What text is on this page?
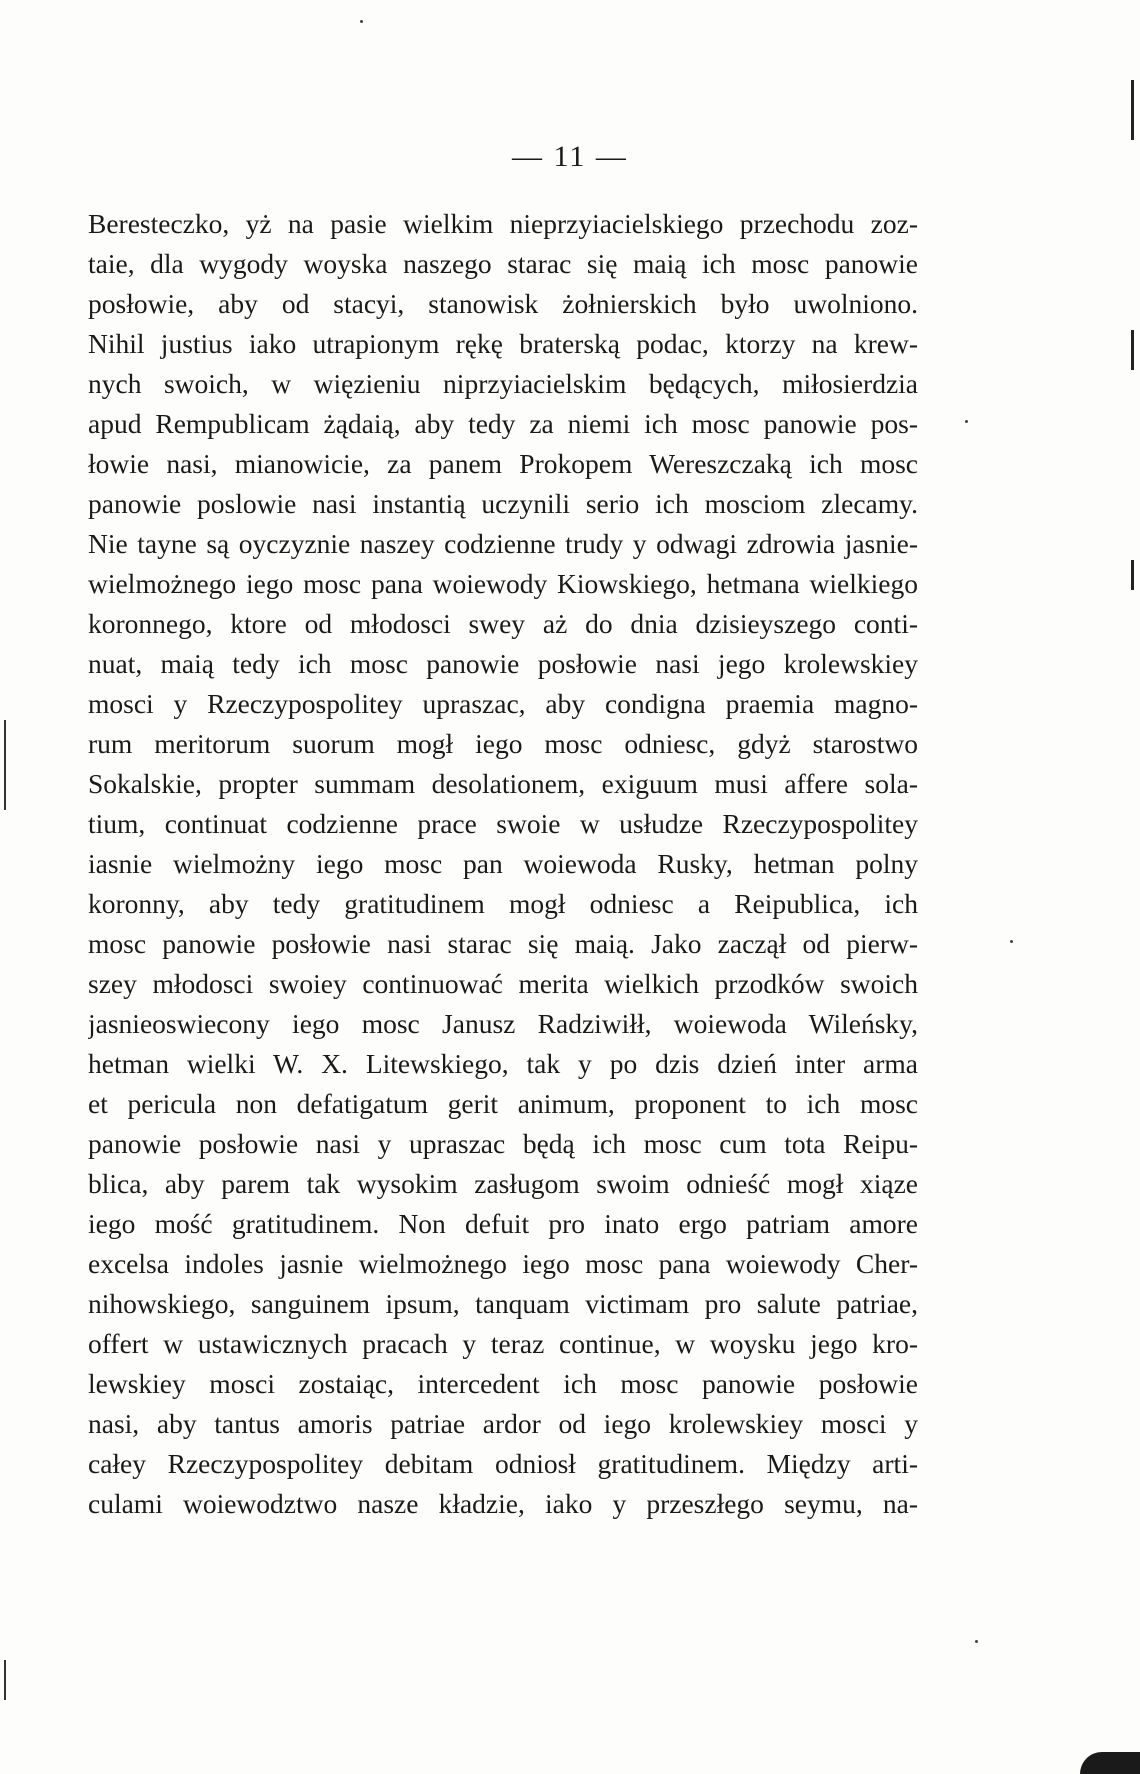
— 11 —
Beresteczko, yż na pasie wielkim nieprzyiacielskiego przechodu zoz-
taie, dla wygody woyska naszego starac się maią ich mosc panowie
posłowie, aby od stacyi, stanowisk żołnierskich było uwolniono.
Nihil justius iako utrapionym rękę braterską podac, ktorzy na krew-
nych swoich, w więzieniu niprzyiacielskim będących, miłosierdzia
apud Rempublicam żądaią, aby tedy za niemi ich mosc panowie pos-
łowie nasi, mianowicie, za panem Prokopem Wereszczaką ich mosc
panowie poslowie nasi instantią uczynili serio ich mosciom zlecamy.
Nie tayne są oyczyznie naszey codzienne trudy y odwagi zdrowia jasnie-
wielmożnego iego mosc pana woiewody Kiowskiego, hetmana wielkiego
koronnego, ktore od młodosci swey aż do dnia dzisieyszego conti-
nuat, maią tedy ich mosc panowie posłowie nasi jego krolewskiey
mosci y Rzeczypospolitey upraszac, aby condigna praemia magno-
rum meritorum suorum mogł iego mosc odniesc, gdyż starostwo
Sokalskie, propter summam desolationem, exiguum musi affere sola-
tium, continuat codzienne prace swoie w usłudze Rzeczypospolitey
iasnie wielmożny iego mosc pan woiewoda Rusky, hetman polny
koronny, aby tedy gratitudinem mogł odniesc a Reipublica, ich
mosc panowie posłowie nasi starac się maią. Jako zaczął od pierw-
szey młodosci swoiey continuować merita wielkich przodków swoich
jasnieoswiecony iego mosc Janusz Radziwiłł, woiewoda Wileńsky,
hetman wielki W. X. Litewskiego, tak y po dzis dzień inter arma
et pericula non defatigatum gerit animum, proponent to ich mosc
panowie posłowie nasi y upraszac będą ich mosc cum tota Reipu-
blica, aby parem tak wysokim zasługom swoim odnieść mogł xiąze
iego mość gratitudinem. Non defuit pro inato ergo patriam amore
excelsa indoles jasnie wielmożnego iego mosc pana woiewody Cher-
nihowskiego, sanguinem ipsum, tanquam victimam pro salute patriae,
offert w ustawicznych pracach y teraz continue, w woysku jego kro-
lewskiey mosci zostaiąc, intercedent ich mosc panowie posłowie
nasi, aby tantus amoris patriae ardor od iego krolewskiey mosci y
całey Rzeczypospolitey debitam odniosł gratitudinem. Między arti-
culami woiewodztwo nasze kładzie, iako y przeszłego seymu, na-
